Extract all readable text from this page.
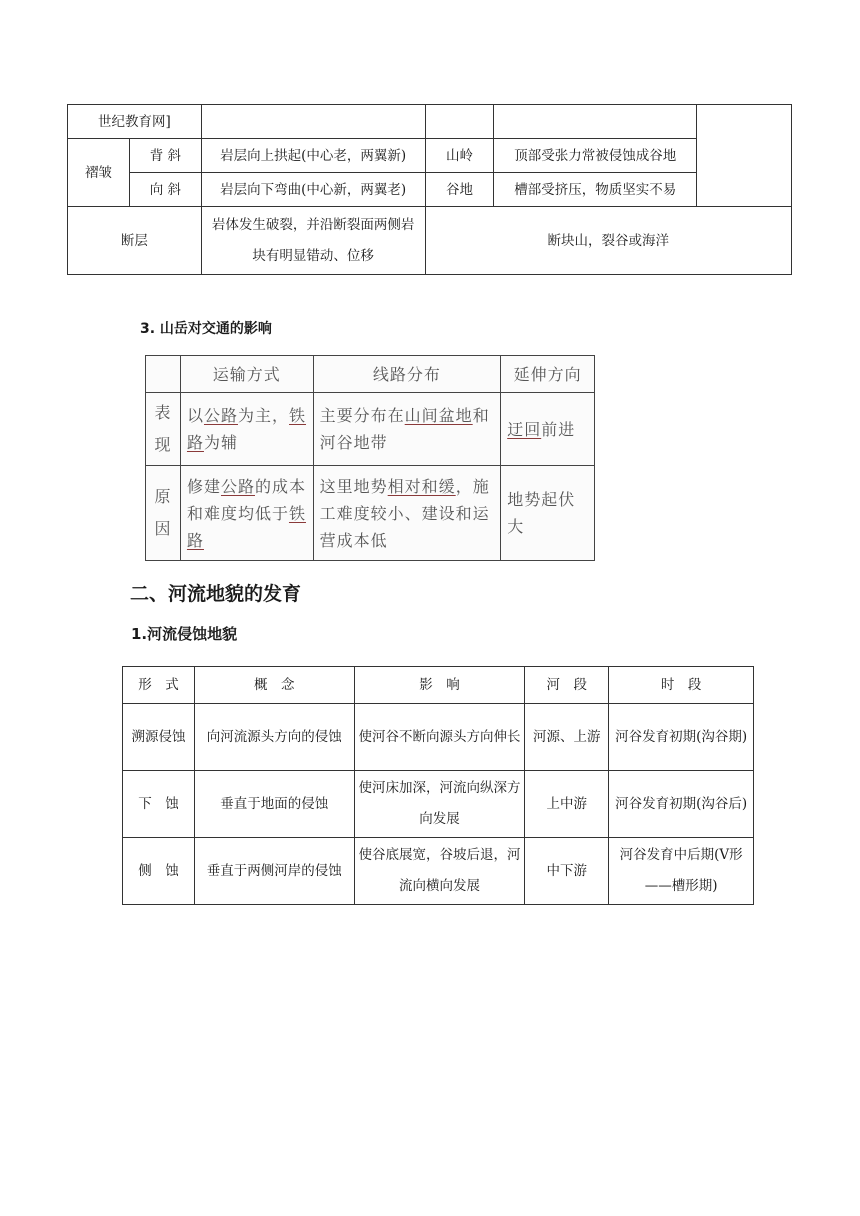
世纪教育网]					
褶皱	背 斜	岩层向上拱起(中心老，两翼新)	山岭	顶部受张力常被侵蚀成谷地	
	向 斜	岩层向下弯曲(中心新，两翼老)	谷地	槽部受挤压，物质坚实不易	
断层		岩体发生破裂，并沿断裂面两侧岩块有明显错动、位移	断块山，裂谷或海洋		
3. 山岳对交通的影响
	运输方式	线路分布	延伸方向
表现	以公路为主，铁路为辅	主要分布在山间盆地和河谷地带	迂回前进
原因	修建公路的成本和难度均低于铁路	这里地势相对和缓，施工难度较小、建设和运营成本低	地势起伏大
二、河流地貌的发育
1.河流侵蚀地貌
形　式	概　念	影　响	河　段	时　段
溯源侵蚀	向河流源头方向的侵蚀	使河谷不断向源头方向伸长	河源、上游	河谷发育初期(沟谷期)
下　蚀	垂直于地面的侵蚀	使河床加深，河流向纵深方向发展	上中游	河谷发育初期(沟谷后)
侧　蚀	垂直于两侧河岸的侵蚀	使谷底展宽，谷坡后退，河流向横向发展	中下游	河谷发育中后期(V形——槽形期)
